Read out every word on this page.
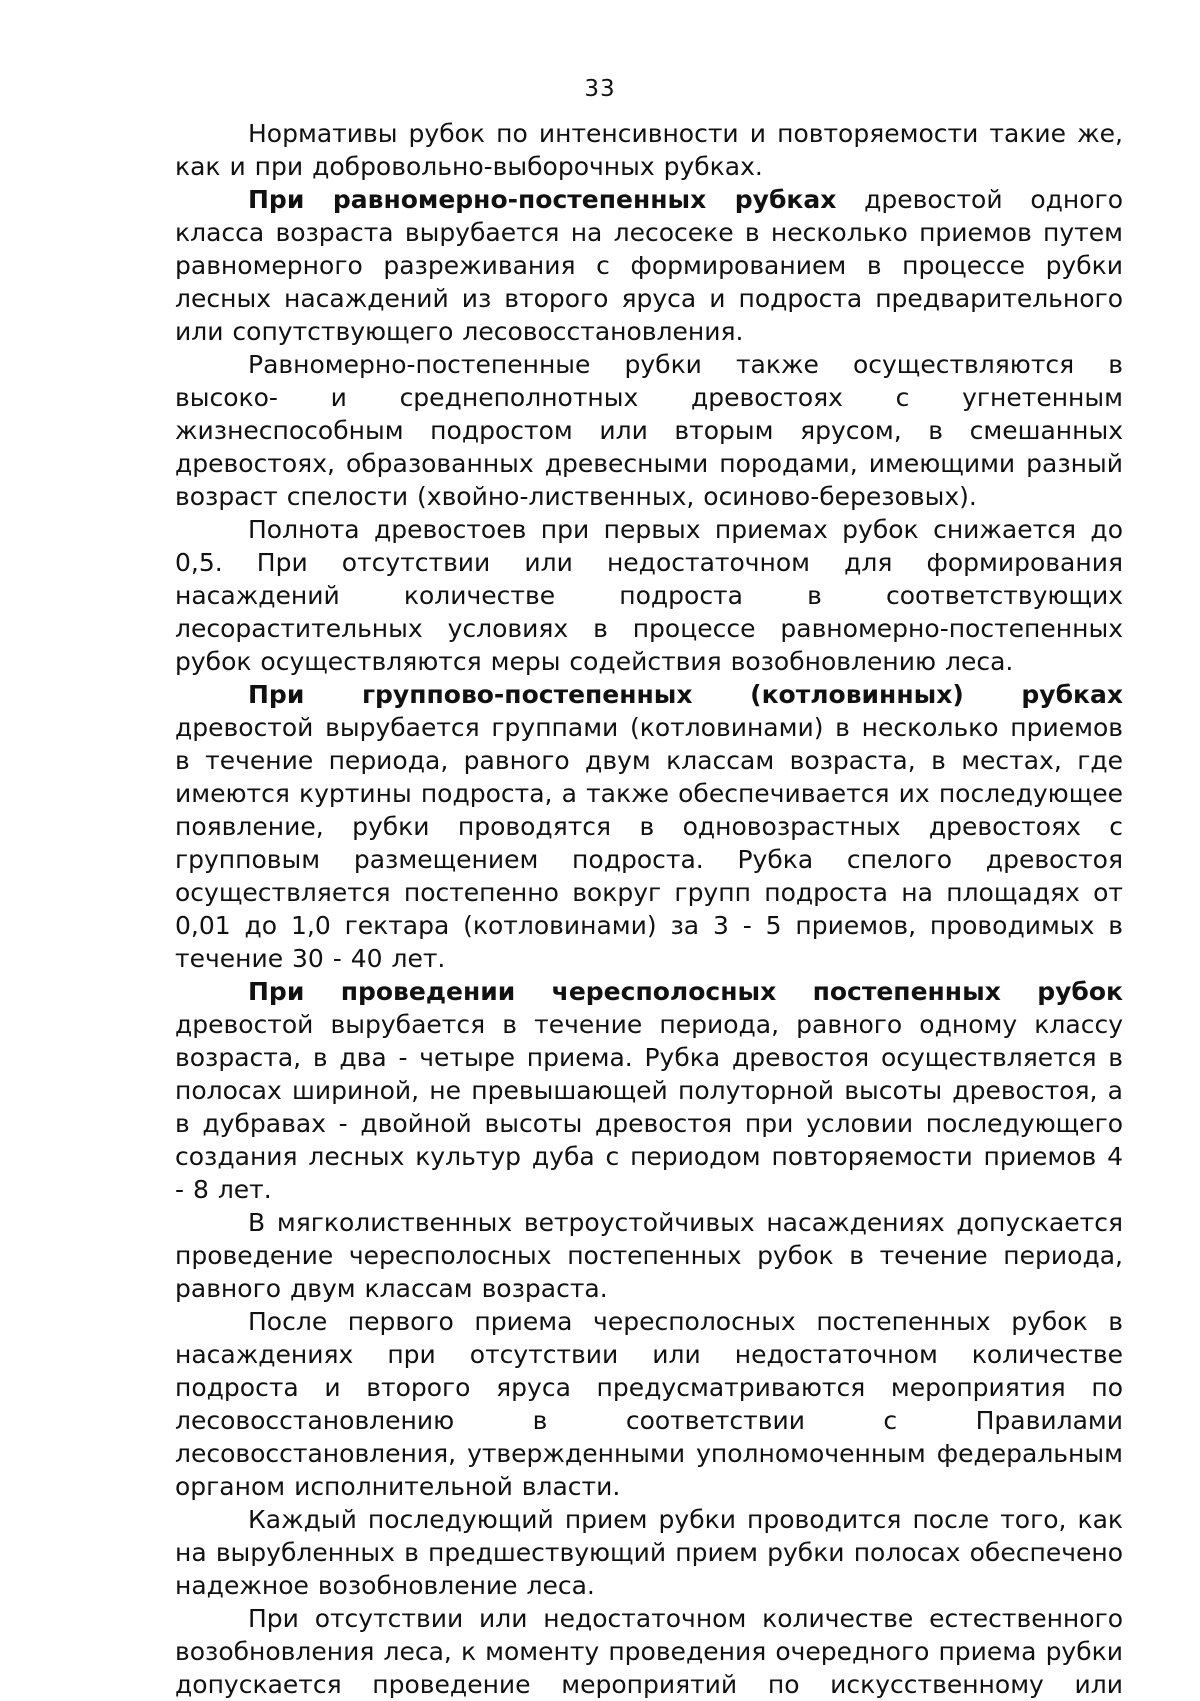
33

Нормативы рубок по интенсивности и повторяемости такие же, как и при добровольно-выборочных рубках.

При равномерно-постепенных рубках древостой одного класса возраста вырубается на лесосеке в несколько приемов путем равномерного разреживания с формированием в процессе рубки лесных насаждений из второго яруса и подроста предварительного или сопутствующего лесовосстановления.

Равномерно-постепенные рубки также осуществляются в высоко- и среднеполнотных древостоях с угнетенным жизнеспособным подростом или вторым ярусом, в смешанных древостоях, образованных древесными породами, имеющими разный возраст спелости (хвойно-лиственных, осиново-березовых).

Полнота древостоев при первых приемах рубок снижается до 0,5. При отсутствии или недостаточном для формирования насаждений количестве подроста в соответствующих лесорастительных условиях в процессе равномерно-постепенных рубок осуществляются меры содействия возобновлению леса.

При группово-постепенных (котловинных) рубках древостой вырубается группами (котловинами) в несколько приемов в течение периода, равного двум классам возраста, в местах, где имеются куртины подроста, а также обеспечивается их последующее появление, рубки проводятся в одновозрастных древостоях с групповым размещением подроста. Рубка спелого древостоя осуществляется постепенно вокруг групп подроста на площадях от 0,01 до 1,0 гектара (котловинами) за 3 - 5 приемов, проводимых в течение 30 - 40 лет.

При проведении чересполосных постепенных рубок древостой вырубается в течение периода, равного одному классу возраста, в два - четыре приема. Рубка древостоя осуществляется в полосах шириной, не превышающей полуторной высоты древостоя, а в дубравах - двойной высоты древостоя при условии последующего создания лесных культур дуба с периодом повторяемости приемов 4 - 8 лет.

В мягколиственных ветроустойчивых насаждениях допускается проведение чересполосных постепенных рубок в течение периода, равного двум классам возраста.

После первого приема чересполосных постепенных рубок в насаждениях при отсутствии или недостаточном количестве подроста и второго яруса предусматриваются мероприятия по лесовосстановлению в соответствии с Правилами лесовосстановления, утвержденными уполномоченным федеральным органом исполнительной власти.

Каждый последующий прием рубки проводится после того, как на вырубленных в предшествующий прием рубки полосах обеспечено надежное возобновление леса.

При отсутствии или недостаточном количестве естественного возобновления леса, к моменту проведения очередного приема рубки допускается проведение мероприятий по искусственному или
